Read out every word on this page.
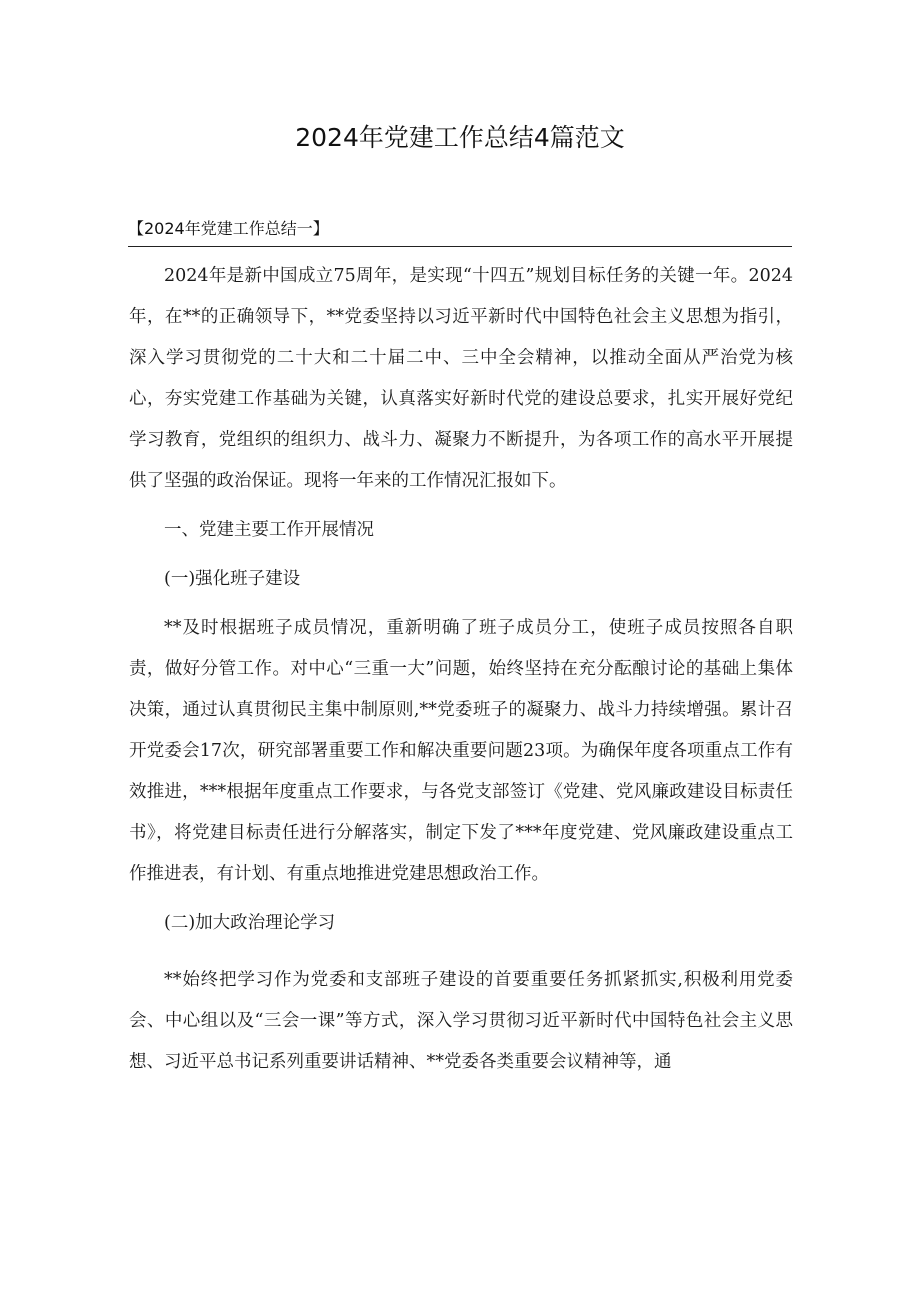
2024年党建工作总结4篇范文
【2024年党建工作总结一】

2024年是新中国成立75周年，是实现“十四五”规划目标任务的关键一年。2024年，在**的正确领导下，**党委坚持以习近平新时代中国特色社会主义思想为指引，深入学习贯彻党的二十大和二十届二中、三中全会精神，以推动全面从严治党为核心，夯实党建工作基础为关键，认真落实好新时代党的建设总要求，扎实开展好党纪学习教育，党组织的组织力、战斗力、凝聚力不断提升，为各项工作的高水平开展提供了坚强的政治保证。现将一年来的工作情况汇报如下。

一、党建主要工作开展情况

(一)强化班子建设

**及时根据班子成员情况，重新明确了班子成员分工，使班子成员按照各自职责，做好分管工作。对中心“三重一大”问题，始终坚持在充分酝酿讨论的基础上集体决策，通过认真贯彻民主集中制原则,**党委班子的凝聚力、战斗力持续增强。累计召开党委会17次，研究部署重要工作和解决重要问题23项。为确保年度各项重点工作有效推进，***根据年度重点工作要求，与各党支部签订《党建、党风廉政建设目标责任书》，将党建目标责任进行分解落实，制定下发了***年度党建、党风廉政建设重点工作推进表，有计划、有重点地推进党建思想政治工作。

(二)加大政治理论学习

**始终把学习作为党委和支部班子建设的首要重要任务抓紧抓实,积极利用党委会、中心组以及“三会一课”等方式，深入学习贯彻习近平新时代中国特色社会主义思想、习近平总书记系列重要讲话精神、**党委各类重要会议精神等，通
